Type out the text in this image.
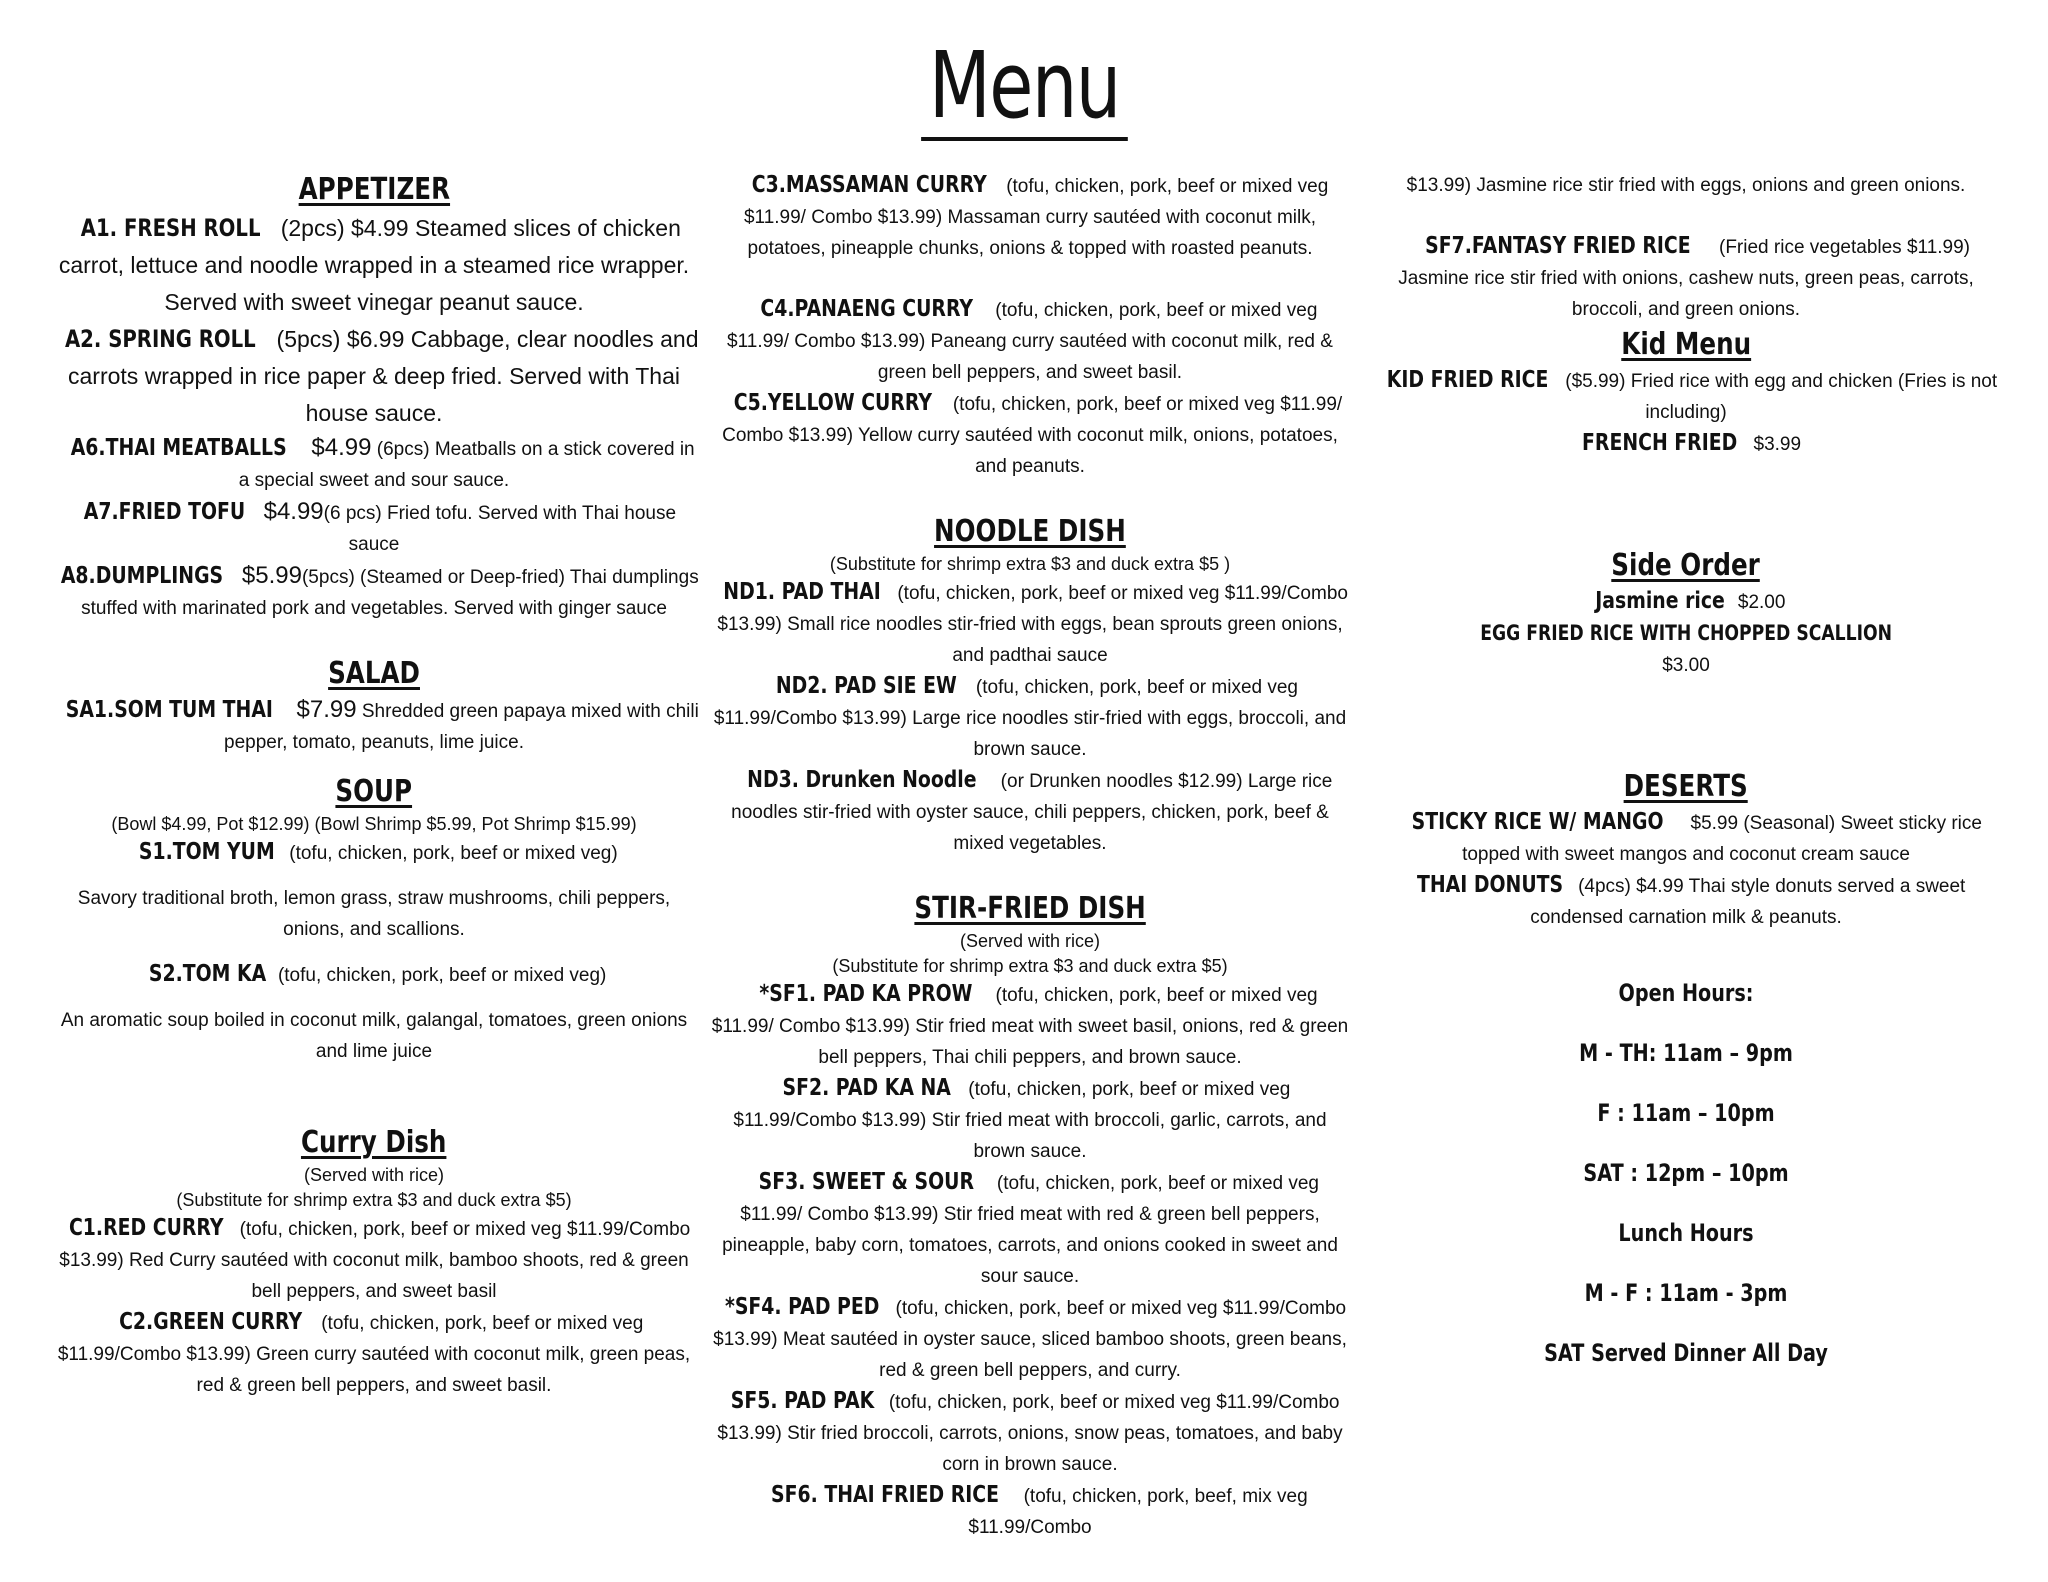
Menu
APPETIZER

A1. FRESH ROLL (2pcs) $4.99 Steamed slices of chicken carrot, lettuce and noodle wrapped in a steamed rice wrapper. Served with sweet vinegar peanut sauce.

A2. SPRING ROLL (5pcs) $6.99 Cabbage, clear noodles and carrots wrapped in rice paper & deep fried. Served with Thai house sauce.

A6.THAI MEATBALLS $4.99 (6pcs) Meatballs on a stick covered in a special sweet and sour sauce.

A7.FRIED TOFU $4.99(6 pcs) Fried tofu. Served with Thai house sauce

A8.DUMPLINGS $5.99(5pcs) (Steamed or Deep-fried) Thai dumplings stuffed with marinated pork and vegetables. Served with ginger sauce

SALAD

SA1.SOM TUM THAI $7.99 Shredded green papaya mixed with chili pepper, tomato, peanuts, lime juice.

SOUP

(Bowl $4.99, Pot $12.99) (Bowl Shrimp $5.99, Pot Shrimp $15.99)

S1.TOM YUM (tofu, chicken, pork, beef or mixed veg)

Savory traditional broth, lemon grass, straw mushrooms, chili peppers, onions, and scallions.

S2.TOM KA (tofu, chicken, pork, beef or mixed veg)

An aromatic soup boiled in coconut milk, galangal, tomatoes, green onions and lime juice

Curry Dish

(Served with rice)

(Substitute for shrimp extra $3 and duck extra $5)

C1.RED CURRY (tofu, chicken, pork, beef or mixed veg $11.99/Combo $13.99) Red Curry sautéed with coconut milk, bamboo shoots, red & green bell peppers, and sweet basil

C2.GREEN CURRY (tofu, chicken, pork, beef or mixed veg $11.99/Combo $13.99) Green curry sautéed with coconut milk, green peas, red & green bell peppers, and sweet basil.

C3.MASSAMAN CURRY (tofu, chicken, pork, beef or mixed veg $11.99/ Combo $13.99) Massaman curry sautéed with coconut milk, potatoes, pineapple chunks, onions & topped with roasted peanuts.

C4.PANAENG CURRY (tofu, chicken, pork, beef or mixed veg $11.99/ Combo $13.99) Paneang curry sautéed with coconut milk, red & green bell peppers, and sweet basil.

C5.YELLOW CURRY (tofu, chicken, pork, beef or mixed veg $11.99/ Combo $13.99) Yellow curry sautéed with coconut milk, onions, potatoes, and peanuts.

NOODLE DISH

(Substitute for shrimp extra $3 and duck extra $5 )

ND1. PAD THAI (tofu, chicken, pork, beef or mixed veg $11.99/Combo $13.99) Small rice noodles stir-fried with eggs, bean sprouts green onions, and padthai sauce

ND2. PAD SIE EW (tofu, chicken, pork, beef or mixed veg $11.99/Combo $13.99) Large rice noodles stir-fried with eggs, broccoli, and brown sauce.

ND3. Drunken Noodle (or Drunken noodles $12.99) Large rice noodles stir-fried with oyster sauce, chili peppers, chicken, pork, beef & mixed vegetables.

STIR-FRIED DISH

(Served with rice)

(Substitute for shrimp extra $3 and duck extra $5)

*SF1. PAD KA PROW (tofu, chicken, pork, beef or mixed veg $11.99/ Combo $13.99) Stir fried meat with sweet basil, onions, red & green bell peppers, Thai chili peppers, and brown sauce.

SF2. PAD KA NA (tofu, chicken, pork, beef or mixed veg $11.99/Combo $13.99) Stir fried meat with broccoli, garlic, carrots, and brown sauce.

SF3. SWEET & SOUR (tofu, chicken, pork, beef or mixed veg $11.99/ Combo $13.99) Stir fried meat with red & green bell peppers, pineapple, baby corn, tomatoes, carrots, and onions cooked in sweet and sour sauce.

*SF4. PAD PED (tofu, chicken, pork, beef or mixed veg $11.99/Combo $13.99) Meat sautéed in oyster sauce, sliced bamboo shoots, green beans, red & green bell peppers, and curry.

SF5. PAD PAK (tofu, chicken, pork, beef or mixed veg $11.99/Combo $13.99) Stir fried broccoli, carrots, onions, snow peas, tomatoes, and baby corn in brown sauce.

SF6. THAI FRIED RICE (tofu, chicken, pork, beef, mix veg $11.99/Combo

$13.99) Jasmine rice stir fried with eggs, onions and green onions.

SF7.FANTASY FRIED RICE (Fried rice vegetables $11.99) Jasmine rice stir fried with onions, cashew nuts, green peas, carrots, broccoli, and green onions.

Kid Menu

KID FRIED RICE ($5.99) Fried rice with egg and chicken (Fries is not including)

FRENCH FRIED $3.99

Side Order

Jasmine rice $2.00

EGG FRIED RICE WITH CHOPPED SCALLION

$3.00

DESERTS

STICKY RICE W/ MANGO $5.99 (Seasonal) Sweet sticky rice topped with sweet mangos and coconut cream sauce

THAI DONUTS (4pcs) $4.99 Thai style donuts served a sweet condensed carnation milk & peanuts.

Open Hours:

M - TH: 11am – 9pm

F : 11am – 10pm

SAT : 12pm – 10pm

Lunch Hours

M - F : 11am - 3pm

SAT Served Dinner All Day
